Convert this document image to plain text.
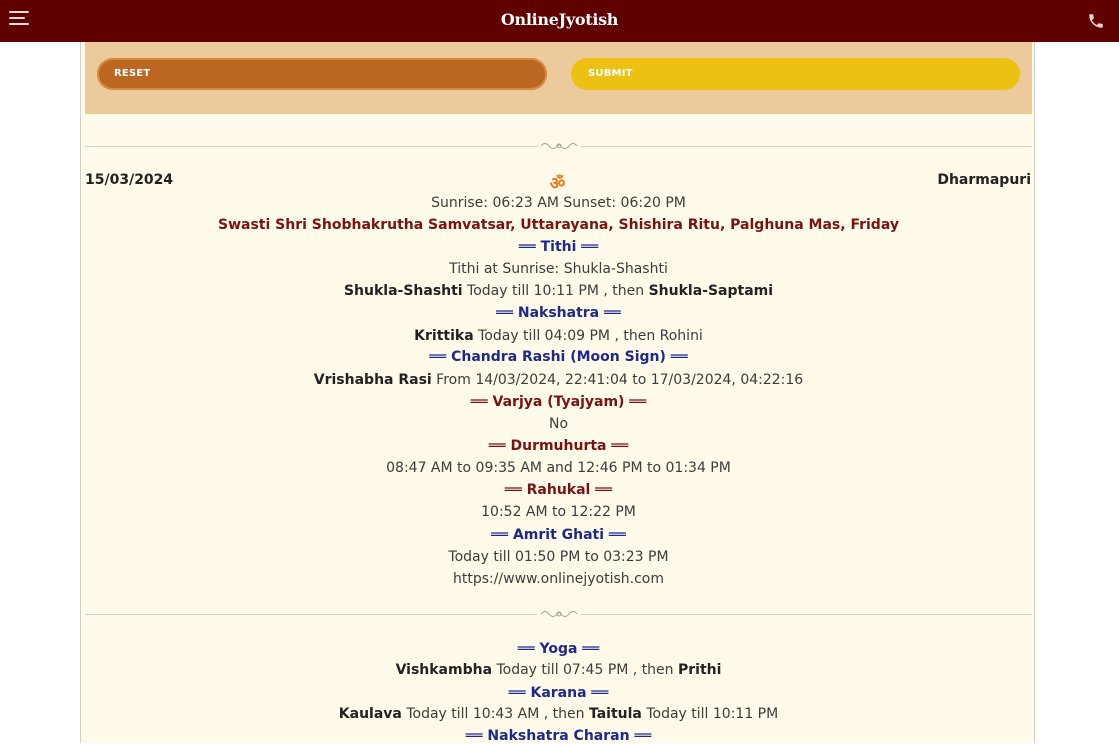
OnlineJyotish
RESET	SUBMIT
15/03/2024	ॐ	Dharmapuri
Sunrise: 06:23 AM Sunset: 06:20 PM
Swasti Shri Shobhakrutha Samvatsar, Uttarayana, Shishira Ritu, Palghuna Mas, Friday
══ Tithi ══
Tithi at Sunrise: Shukla-Shashti
Shukla-Shashti Today till 10:11 PM , then Shukla-Saptami
══ Nakshatra ══
Krittika Today till 04:09 PM , then Rohini
══ Chandra Rashi (Moon Sign) ══
Vrishabha Rasi From 14/03/2024, 22:41:04 to 17/03/2024, 04:22:16
══ Varjya (Tyajyam) ══
No
══ Durmuhurta ══
08:47 AM to 09:35 AM and 12:46 PM to 01:34 PM
══ Rahukal ══
10:52 AM to 12:22 PM
══ Amrit Ghati ══
Today till 01:50 PM to 03:23 PM
https://www.onlinejyotish.com
══ Yoga ══
Vishkambha Today till 07:45 PM , then Prithi
══ Karana ══
Kaulava Today till 10:43 AM , then Taitula Today till 10:11 PM
══ Nakshatra Charan ══
